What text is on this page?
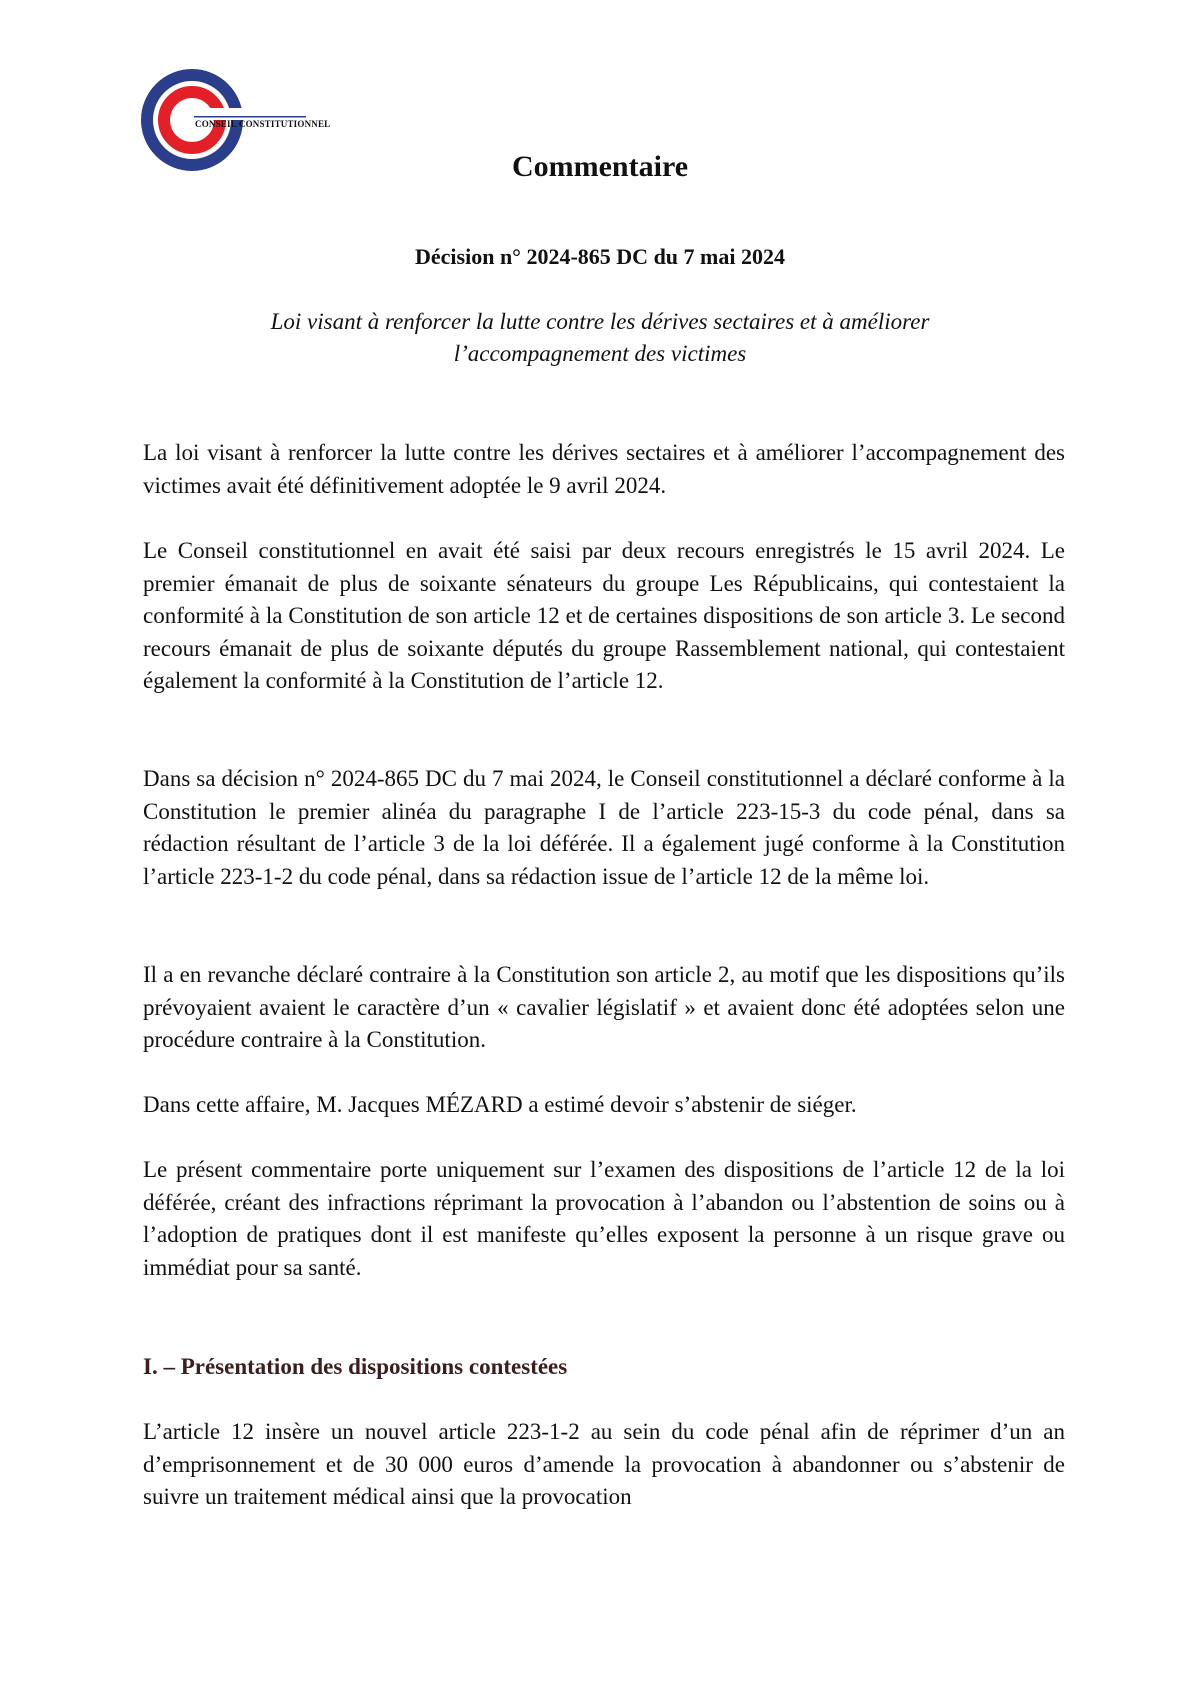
CONSEIL CONSTITUTIONNEL
Commentaire
Décision n° 2024-865 DC du 7 mai 2024
Loi visant à renforcer la lutte contre les dérives sectaires et à améliorer
l’accompagnement des victimes

La loi visant à renforcer la lutte contre les dérives sectaires et à améliorer l’accompagnement des victimes avait été définitivement adoptée le 9 avril 2024.

Le Conseil constitutionnel en avait été saisi par deux recours enregistrés le 15 avril 2024. Le premier émanait de plus de soixante sénateurs du groupe Les Républicains, qui contestaient la conformité à la Constitution de son article 12 et de certaines dispositions de son article 3. Le second recours émanait de plus de soixante députés du groupe Rassemblement national, qui contestaient également la conformité à la Constitution de l’article 12.

Dans sa décision n° 2024-865 DC du 7 mai 2024, le Conseil constitutionnel a déclaré conforme à la Constitution le premier alinéa du paragraphe I de l’article 223-15-3 du code pénal, dans sa rédaction résultant de l’article 3 de la loi déférée. Il a également jugé conforme à la Constitution l’article 223-1-2 du code pénal, dans sa rédaction issue de l’article 12 de la même loi.

Il a en revanche déclaré contraire à la Constitution son article 2, au motif que les dispositions qu’ils prévoyaient avaient le caractère d’un « cavalier législatif » et avaient donc été adoptées selon une procédure contraire à la Constitution.

Dans cette affaire, M. Jacques MÉZARD a estimé devoir s’abstenir de siéger.

Le présent commentaire porte uniquement sur l’examen des dispositions de l’article 12 de la loi déférée, créant des infractions réprimant la provocation à l’abandon ou l’abstention de soins ou à l’adoption de pratiques dont il est manifeste qu’elles exposent la personne à un risque grave ou immédiat pour sa santé.

I. – Présentation des dispositions contestées

L’article 12 insère un nouvel article 223-1-2 au sein du code pénal afin de réprimer d’un an d’emprisonnement et de 30 000 euros d’amende la provocation à abandonner ou s’abstenir de suivre un traitement médical ainsi que la provocation
